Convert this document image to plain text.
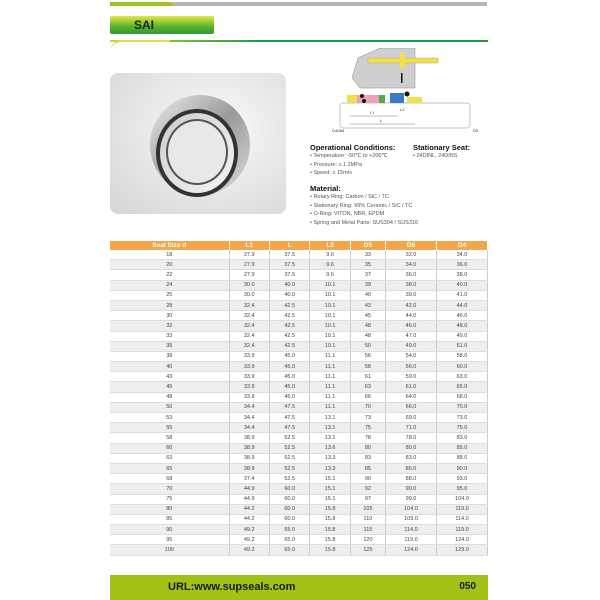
SAI
L1
L2
L
D4 D6 d	D5
Operational Conditions:
• Temperature: -50℃ to +200℃
• Pressure: ≤ 1.2MPa
• Speed: ≤ 15m/s
Stationary Seat:
• 24DINL, 24DINS
Material:
• Rotary Ring: Carbon / SiC / TC
• Stationary Ring: 99% Ceramic / SiC / TC
• O-Ring: VITON, NBR, EPDM
• Spring and Metal Parts: SUS304 / SUS316
Seal Size d	L1	L	L2	D5	D6	D4
18	27.9	37.5	9.6	33	32.0	34.0
20	27.9	37.5	9.6	35	34.0	36.0
22	27.9	37.5	9.6	37	36.0	38.0
24	30.0	40.0	10.1	39	38.0	40.0
25	30.0	40.0	10.1	40	39.0	41.0
28	32.4	42.5	10.1	43	42.0	44.0
30	32.4	42.5	10.1	45	44.0	46.0
32	32.4	42.5	10.1	48	46.0	48.0
33	32.4	42.5	10.1	48	47.0	49.0
35	32.4	42.5	10.1	50	49.0	51.0
38	33.9	45.0	11.1	56	54.0	58.0
40	33.9	45.0	11.1	58	56.0	60.0
43	33.9	45.0	11.1	61	59.0	63.0
45	33.9	45.0	11.1	63	61.0	65.0
48	33.9	45.0	11.1	66	64.0	68.0
50	34.4	47.5	11.1	70	66.0	70.0
53	34.4	47.5	13.1	73	69.0	73.0
55	34.4	47.5	13.1	75	71.0	75.0
58	38.9	52.5	13.1	78	78.0	83.0
60	38.9	52.5	13.6	80	80.0	85.0
63	38.9	52.5	13.3	83	83.0	88.0
65	38.9	52.5	13.3	85	85.0	90.0
68	37.4	52.5	15.1	90	88.0	93.0
70	44.9	60.0	15.1	92	90.0	95.0
75	44.9	60.0	15.1	97	99.0	104.0
80	44.2	60.0	15.8	105	104.0	119.0
85	44.2	60.0	15.8	110	109.0	114.0
90	49.2	65.0	15.8	115	114.0	119.0
95	49.2	65.0	15.8	120	119.0	124.0
100	49.2	65.0	15.8	125	124.0	129.0
URL:www.supseals.com	050
